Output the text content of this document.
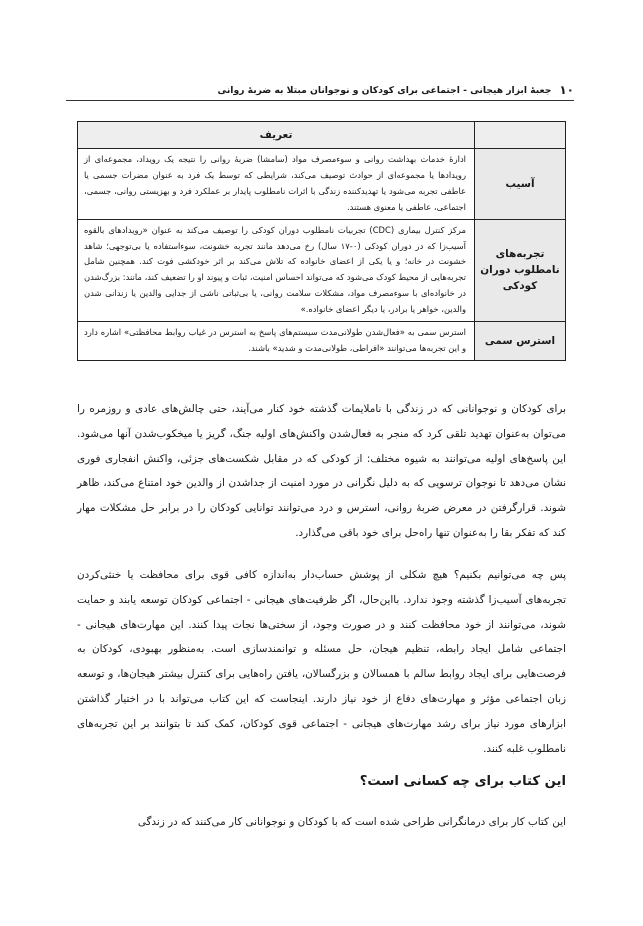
۱۰
جعبهٔ ابزار هیجانی - اجتماعی برای کودکان و نوجوانان مبتلا به ضربهٔ روانی
	تعریف
آسیب	ادارهٔ خدمات بهداشت روانی و سوءمصرف مواد (سامشا) ضربهٔ روانی را نتیجه یک رویداد، مجموعه‌ای از رویدادها یا مجموعه‌ای از حوادث توصیف می‌کند، شرایطی که توسط یک فرد به عنوان مضرات جسمی یا عاطفی تجربه می‌شود یا تهدیدکننده زندگی با اثرات نامطلوب پایدار بر عملکرد فرد و بهزیستی روانی، جسمی، اجتماعی، عاطفی یا معنوی هستند.
تجربه‌های نامطلوب دوران کودکی	مرکز کنترل بیماری (CDC) تجربیات نامطلوب دوران کودکی را توصیف می‌کند به عنوان «رویدادهای بالقوه آسیب‌زا که در دوران کودکی (۰-۱۷ سال) رخ می‌دهد مانند تجربه خشونت، سوءاستفاده یا بی‌توجهی؛ شاهد خشونت در خانه؛ و یا یکی از اعضای خانواده که تلاش می‌کند بر اثر خودکشی فوت کند. همچنین شامل تجربه‌هایی از محیط کودک می‌شود که می‌تواند احساس امنیت، ثبات و پیوند او را تضعیف کند، مانند: بزرگ‌شدن در خانواده‌ای با سوءمصرف مواد، مشکلات سلامت روانی، یا بی‌ثباتی ناشی از جدایی والدین یا زندانی شدن والدین، خواهر یا برادر، یا دیگر اعضای خانواده.»
استرس سمی	استرس سمی به «فعال‌شدن طولانی‌مدت سیستم‌های پاسخ به استرس در غیاب روابط محافظتی» اشاره دارد و این تجربه‌ها می‌توانند «افراطی، طولانی‌مدت و شدید» باشند.

برای کودکان و نوجوانانی که در زندگی با ناملایمات گذشته خود کنار می‌آیند، حتی چالش‌های عادی و روزمره را می‌توان به‌عنوان تهدید تلقی کرد که منجر به فعال‌شدن واکنش‌های اولیه جنگ، گریز یا میخکوب‌شدن آنها می‌شود. این پاسخ‌های اولیه می‌توانند به شیوه مختلف: از کودکی که در مقابل شکست‌های جزئی، واکنش انفجاری فوری نشان می‌دهد تا نوجوان ترسویی که به دلیل نگرانی در مورد امنیت از جداشدن از والدین خود امتناع می‌کند، ظاهر شوند. قرارگرفتن در معرض ضربهٔ روانی، استرس و درد می‌توانند توانایی کودکان را در برابر حل مشکلات مهار کند که تفکر بقا را به‌عنوان تنها راه‌حل برای خود باقی می‌گذارد.

پس چه می‌توانیم بکنیم؟ هیچ شکلی از پوشش حساب‌دار به‌اندازه کافی قوی برای محافظت یا خنثی‌کردن تجربه‌های آسیب‌زا گذشته وجود ندارد. بااین‌حال، اگر ظرفیت‌های هیجانی - اجتماعی کودکان توسعه یابند و حمایت شوند، می‌توانند از خود محافظت کنند و در صورت وجود، از سختی‌ها نجات پیدا کنند. این مهارت‌های هیجانی - اجتماعی شامل ایجاد رابطه، تنظیم هیجان، حل مسئله و توانمندسازی است. به‌منظور بهبودی، کودکان به فرصت‌هایی برای ایجاد روابط سالم با همسالان و بزرگسالان، یافتن راه‌هایی برای کنترل بیشتر هیجان‌ها، و توسعه زبان اجتماعی مؤثر و مهارت‌های دفاع از خود نیاز دارند. اینجاست که این کتاب می‌تواند با در اختیار گذاشتن ابزارهای مورد نیاز برای رشد مهارت‌های هیجانی - اجتماعی قوی کودکان، کمک کند تا بتوانند بر این تجربه‌های نامطلوب غلبه کنند.

این کتاب برای چه کسانی است؟

این کتاب کار برای درمانگرانی طراحی شده است که با کودکان و نوجوانانی کار می‌کنند که در زندگی
